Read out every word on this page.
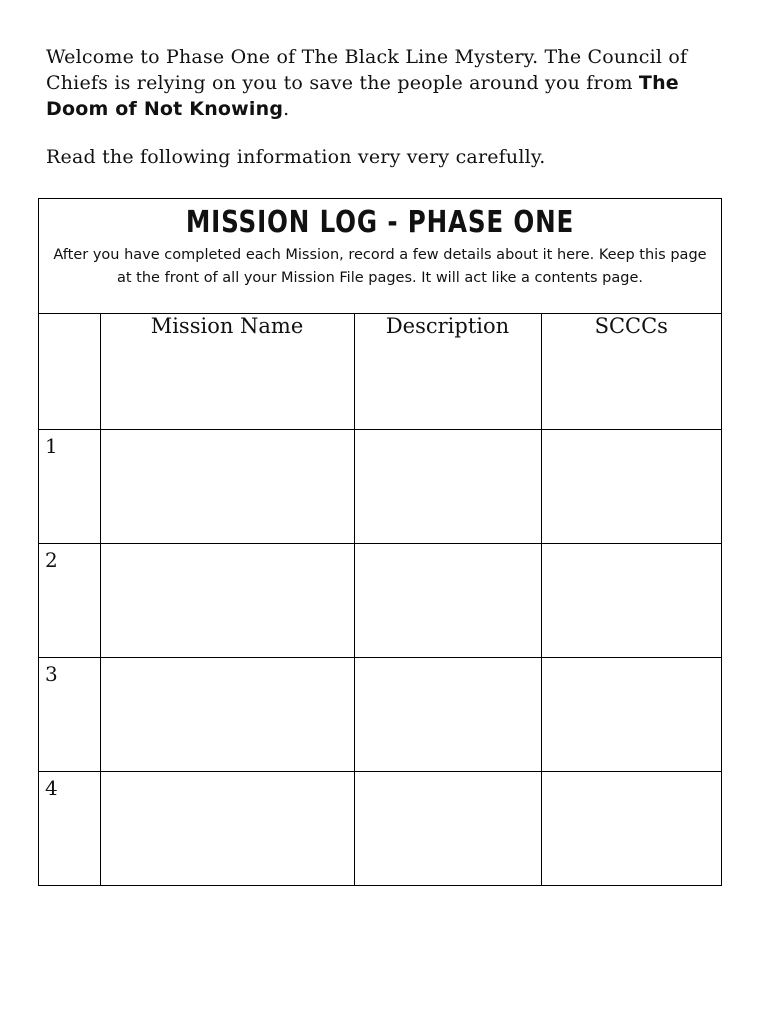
Welcome to Phase One of The Black Line Mystery. The Council of Chiefs is relying on you to save the people around you from The Doom of Not Knowing.

Read the following information very very carefully.

MISSION LOG - PHASE ONE
After you have completed each Mission, record a few details about it here. Keep this page at the front of all your Mission File pages. It will act like a contents page.
	Mission Name	Description	SCCCs

1			

2			

3			

4			
